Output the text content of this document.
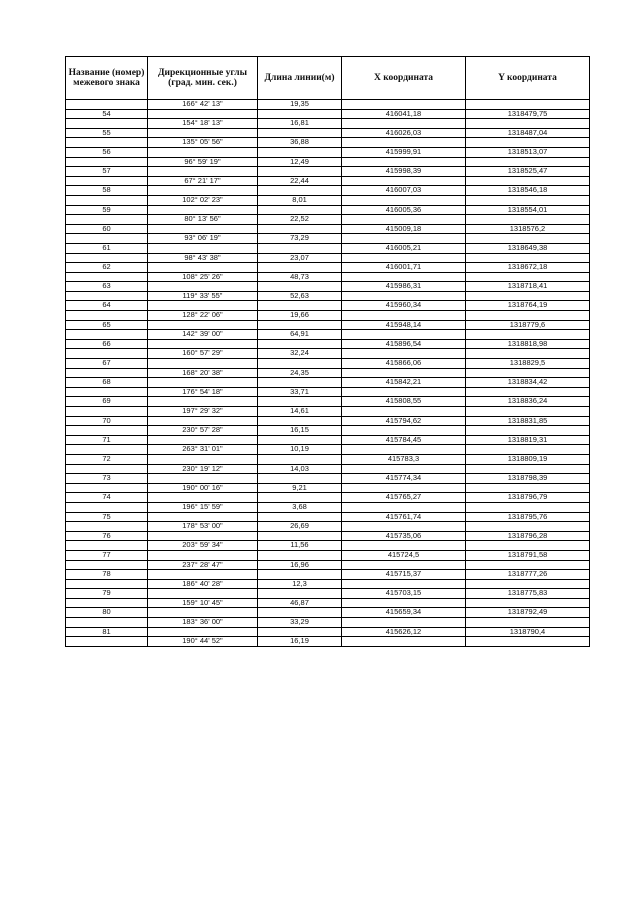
Название (номер) межевого знака	Дирекционные углы (град. мин. сек.)	Длина линии(м)	X координата	Y координата
	166° 42' 13"	19,35		
54			416041,18	1318479,75
	154° 18' 13"	16,81		
55			416026,03	1318487,04
	135° 05' 56"	36,88		
56			415999,91	1318513,07
	96° 59' 19"	12,49		
57			415998,39	1318525,47
	67° 21' 17"	22,44		
58			416007,03	1318546,18
	102° 02' 23"	8,01		
59			416005,36	1318554,01
	80° 13' 56"	22,52		
60			415009,18	1318576,2
	93° 06' 19"	73,29		
61			416005,21	1318649,38
	98° 43' 38"	23,07		
62			416001,71	1318672,18
	108° 25' 26"	48,73		
63			415986,31	1318718,41
	119° 33' 55"	52,63		
64			415960,34	1318764,19
	128° 22' 06"	19,66		
65			415948,14	1318779,6
	142° 39' 00"	64,91		
66			415896,54	1318818,98
	160° 57' 29"	32,24		
67			415866,06	1318829,5
	168° 20' 38"	24,35		
68			415842,21	1318834,42
	176° 54' 18"	33,71		
69			415808,55	1318836,24
	197° 29' 32"	14,61		
70			415794,62	1318831,85
	230° 57' 28"	16,15		
71			415784,45	1318819,31
	263° 31' 01"	10,19		
72			415783,3	1318809,19
	230° 19' 12"	14,03		
73			415774,34	1318798,39
	190° 00' 16"	9,21		
74			415765,27	1318796,79
	196° 15' 59"	3,68		
75			415761,74	1318795,76
	178° 53' 00"	26,69		
76			415735,06	1318796,28
	203° 59' 34"	11,56		
77			415724,5	1318791,58
	237° 28' 47"	16,96		
78			415715,37	1318777,26
	186° 40' 28"	12,3		
79			415703,15	1318775,83
	159° 10' 45"	46,87		
80			415659,34	1318792,49
	183° 36' 00"	33,29		
81			415626,12	1318790,4
	190° 44' 52"	16,19		
